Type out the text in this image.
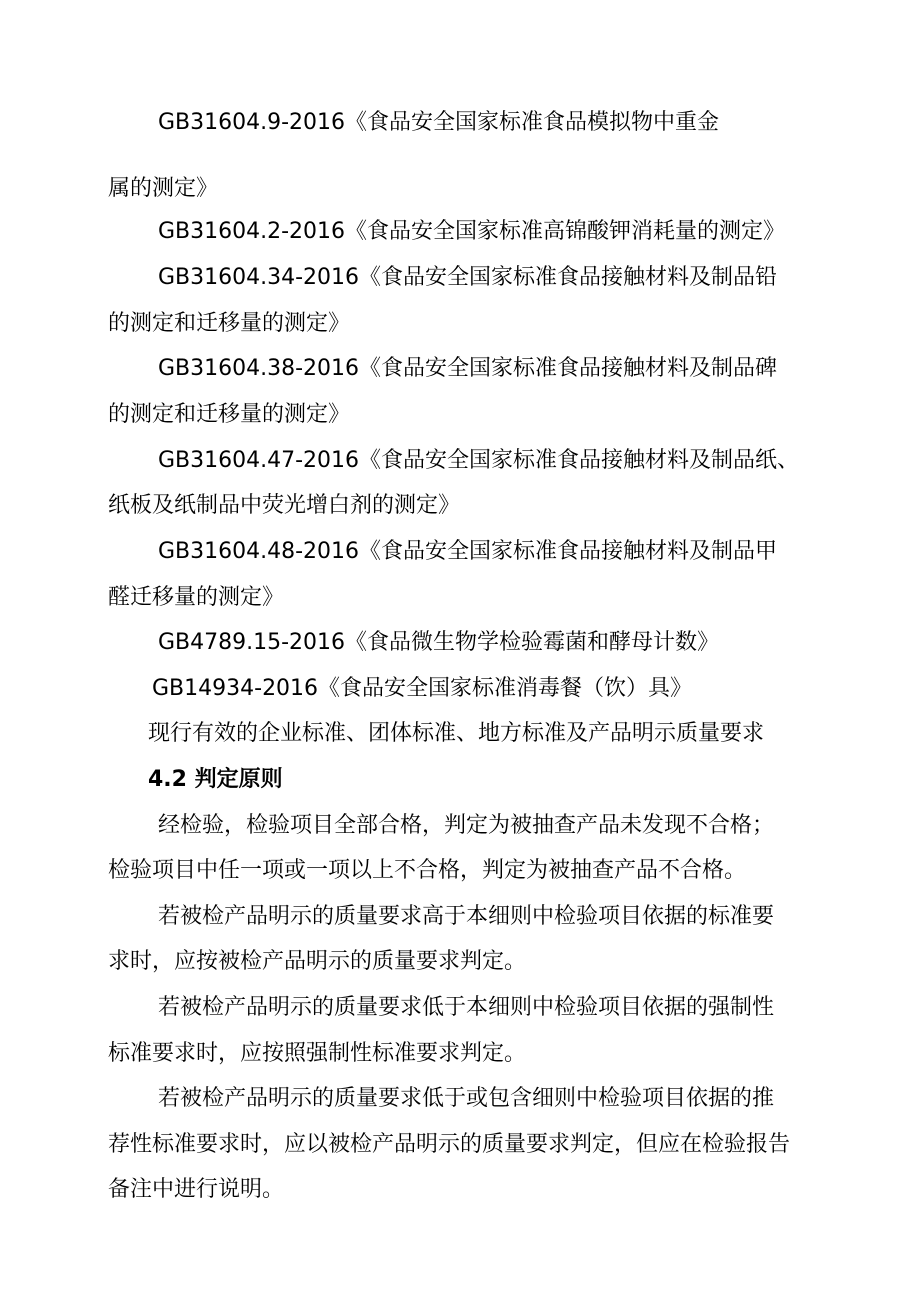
GB31604.9-2016《食品安全国家标准食品模拟物中重金
属的测定》
GB31604.2-2016《食品安全国家标准高锦酸钾消耗量的测定》
GB31604.34-2016《食品安全国家标准食品接触材料及制品铅
的测定和迁移量的测定》
GB31604.38-2016《食品安全国家标准食品接触材料及制品碑
的测定和迁移量的测定》
GB31604.47-2016《食品安全国家标准食品接触材料及制品纸、
纸板及纸制品中荧光增白剂的测定》
GB31604.48-2016《食品安全国家标准食品接触材料及制品甲
醛迁移量的测定》
GB4789.15-2016《食品微生物学检验霉菌和酵母计数》
GB14934-2016《食品安全国家标准消毒餐（饮）具》
现行有效的企业标准、团体标准、地方标准及产品明示质量要求
4.2 判定原则
经检验，检验项目全部合格，判定为被抽查产品未发现不合格；
检验项目中任一项或一项以上不合格，判定为被抽查产品不合格。
若被检产品明示的质量要求高于本细则中检验项目依据的标准要
求时，应按被检产品明示的质量要求判定。
若被检产品明示的质量要求低于本细则中检验项目依据的强制性
标准要求时，应按照强制性标准要求判定。
若被检产品明示的质量要求低于或包含细则中检验项目依据的推
荐性标准要求时，应以被检产品明示的质量要求判定，但应在检验报告
备注中进行说明。
